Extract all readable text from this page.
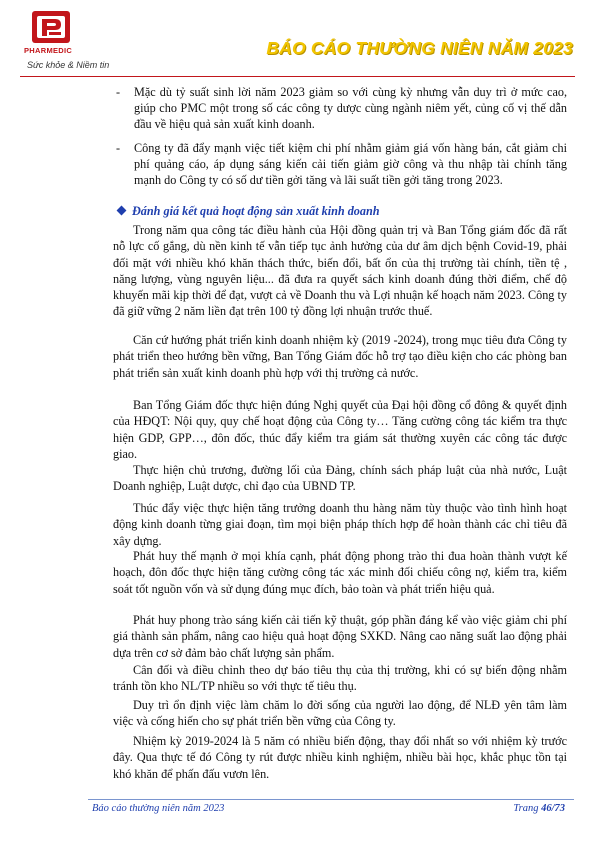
PHARMEDIC
Sức khỏe & Niềm tin
BÁO CÁO THƯỜNG NIÊN NĂM 2023
- Mặc dù tỷ suất sinh lời năm 2023 giảm so với cùng kỳ nhưng vẫn duy trì ở mức cao, giúp cho PMC một trong số các công ty dược cùng ngành niêm yết, củng cố vị thế dẫn đầu về hiệu quả sản xuất kinh doanh.
- Công ty đã đẩy mạnh việc tiết kiệm chi phí nhằm giảm giá vốn hàng bán, cắt giảm chi phí quảng cáo, áp dụng sáng kiến cải tiến giảm giờ công và thu nhập tài chính tăng mạnh do Công ty có số dư tiền gởi tăng và lãi suất tiền gởi tăng trong 2023.
Đánh giá kết quả hoạt động sản xuất kinh doanh
Trong năm qua công tác điều hành của Hội đồng quản trị và Ban Tổng giám đốc đã rất nỗ lực cố gắng, dù nền kinh tế vẫn tiếp tục ảnh hưởng của dư âm dịch bệnh Covid-19, phải đối mặt với nhiều khó khăn thách thức, biến đổi, bất ổn của thị trường tài chính, tiền tệ , năng lượng, vùng nguyên liệu... đã đưa ra quyết sách kinh doanh đúng thời điểm, chế độ khuyến mãi kịp thời để đạt, vượt cả về Doanh thu và Lợi nhuận kế hoạch năm 2023. Công ty đã giữ vững 2 năm liền đạt trên 100 tỷ đồng lợi nhuận trước thuế.
Căn cứ hướng phát triển kinh doanh nhiệm kỳ (2019 -2024), trong mục tiêu đưa Công ty phát triển theo hướng bền vững, Ban Tổng Giám đốc hỗ trợ tạo điều kiện cho các phòng ban phát triển sản xuất kinh doanh phù hợp với thị trường cả nước.
Ban Tổng Giám đốc thực hiện đúng Nghị quyết của Đại hội đồng cổ đông & quyết định của HĐQT: Nội quy, quy chế hoạt động của Công ty… Tăng cường công tác kiểm tra thực hiện GDP, GPP…, đôn đốc, thúc đẩy kiểm tra giám sát thường xuyên các công tác được giao.
Thực hiện chủ trương, đường lối của Đảng, chính sách pháp luật của nhà nước, Luật Doanh nghiệp, Luật dược, chỉ đạo của UBND TP.
Thúc đẩy việc thực hiện tăng trưởng doanh thu hàng năm tùy thuộc vào tình hình hoạt động kinh doanh từng giai đoạn, tìm mọi biện pháp thích hợp để hoàn thành các chỉ tiêu đã xây dựng.
Phát huy thế mạnh ở mọi khía cạnh, phát động phong trào thi đua hoàn thành vượt kế hoạch, đôn đốc thực hiện tăng cường công tác xác minh đối chiếu công nợ, kiểm tra, kiểm soát tốt nguồn vốn và sử dụng đúng mục đích, bảo toàn và phát triển hiệu quả.
Phát huy phong trào sáng kiến cải tiến kỹ thuật, góp phần đáng kể vào việc giảm chi phí giá thành sản phẩm, nâng cao hiệu quả hoạt động SXKD. Nâng cao năng suất lao động phải dựa trên cơ sở đảm bảo chất lượng sản phẩm.
Cân đối và điều chỉnh theo dự báo tiêu thụ của thị trường, khi có sự biến động nhằm tránh tồn kho NL/TP nhiều so với thực tế tiêu thụ.
Duy trì ổn định việc làm chăm lo đời sống của người lao động, để NLĐ yên tâm làm việc và cống hiến cho sự phát triển bền vững của Công ty.
Nhiệm kỳ 2019-2024 là 5 năm có nhiều biến động, thay đổi nhất so với nhiệm kỳ trước đây. Qua thực tế đó Công ty rút được nhiều kinh nghiệm, nhiều bài học, khắc phục tồn tại khó khăn để phấn đấu vươn lên.
Báo cáo thường niên năm 2023	Trang 46/73
